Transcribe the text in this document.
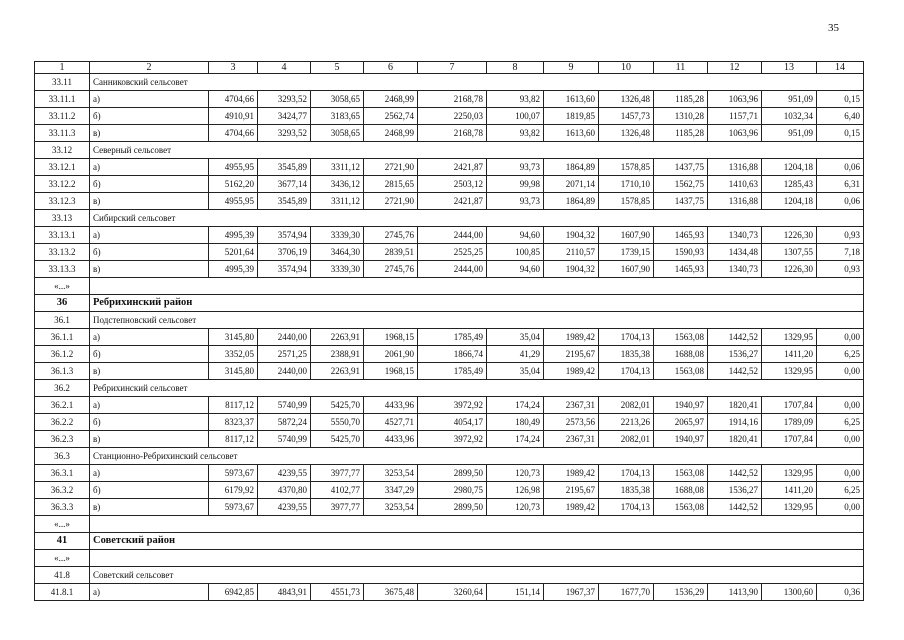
35
1	2	3	4	5	6	7	8	9	10	11	12	13	14
33.11	Санниковский сельсовет												
33.11.1	а)	4704,66	3293,52	3058,65	2468,99	2168,78	93,82	1613,60	1326,48	1185,28	1063,96	951,09	0,15
33.11.2	б)	4910,91	3424,77	3183,65	2562,74	2250,03	100,07	1819,85	1457,73	1310,28	1157,71	1032,34	6,40
33.11.3	в)	4704,66	3293,52	3058,65	2468,99	2168,78	93,82	1613,60	1326,48	1185,28	1063,96	951,09	0,15
33.12	Северный сельсовет												
33.12.1	а)	4955,95	3545,89	3311,12	2721,90	2421,87	93,73	1864,89	1578,85	1437,75	1316,88	1204,18	0,06
33.12.2	б)	5162,20	3677,14	3436,12	2815,65	2503,12	99,98	2071,14	1710,10	1562,75	1410,63	1285,43	6,31
33.12.3	в)	4955,95	3545,89	3311,12	2721,90	2421,87	93,73	1864,89	1578,85	1437,75	1316,88	1204,18	0,06
33.13	Сибирский сельсовет												
33.13.1	а)	4995,39	3574,94	3339,30	2745,76	2444,00	94,60	1904,32	1607,90	1465,93	1340,73	1226,30	0,93
33.13.2	б)	5201,64	3706,19	3464,30	2839,51	2525,25	100,85	2110,57	1739,15	1590,93	1434,48	1307,55	7,18
33.13.3	в)	4995,39	3574,94	3339,30	2745,76	2444,00	94,60	1904,32	1607,90	1465,93	1340,73	1226,30	0,93
«...»													
36	Ребрихинский район												
36.1	Подстепновский сельсовет												
36.1.1	а)	3145,80	2440,00	2263,91	1968,15	1785,49	35,04	1989,42	1704,13	1563,08	1442,52	1329,95	0,00
36.1.2	б)	3352,05	2571,25	2388,91	2061,90	1866,74	41,29	2195,67	1835,38	1688,08	1536,27	1411,20	6,25
36.1.3	в)	3145,80	2440,00	2263,91	1968,15	1785,49	35,04	1989,42	1704,13	1563,08	1442,52	1329,95	0,00
36.2	Ребрихинский сельсовет												
36.2.1	а)	8117,12	5740,99	5425,70	4433,96	3972,92	174,24	2367,31	2082,01	1940,97	1820,41	1707,84	0,00
36.2.2	б)	8323,37	5872,24	5550,70	4527,71	4054,17	180,49	2573,56	2213,26	2065,97	1914,16	1789,09	6,25
36.2.3	в)	8117,12	5740,99	5425,70	4433,96	3972,92	174,24	2367,31	2082,01	1940,97	1820,41	1707,84	0,00
36.3	Станционно-Ребрихинский сельсовет												
36.3.1	а)	5973,67	4239,55	3977,77	3253,54	2899,50	120,73	1989,42	1704,13	1563,08	1442,52	1329,95	0,00
36.3.2	б)	6179,92	4370,80	4102,77	3347,29	2980,75	126,98	2195,67	1835,38	1688,08	1536,27	1411,20	6,25
36.3.3	в)	5973,67	4239,55	3977,77	3253,54	2899,50	120,73	1989,42	1704,13	1563,08	1442,52	1329,95	0,00
«...»													
41	Советский район												
«...»													
41.8	Советский сельсовет												
41.8.1	а)	6942,85	4843,91	4551,73	3675,48	3260,64	151,14	1967,37	1677,70	1536,29	1413,90	1300,60	0,36
